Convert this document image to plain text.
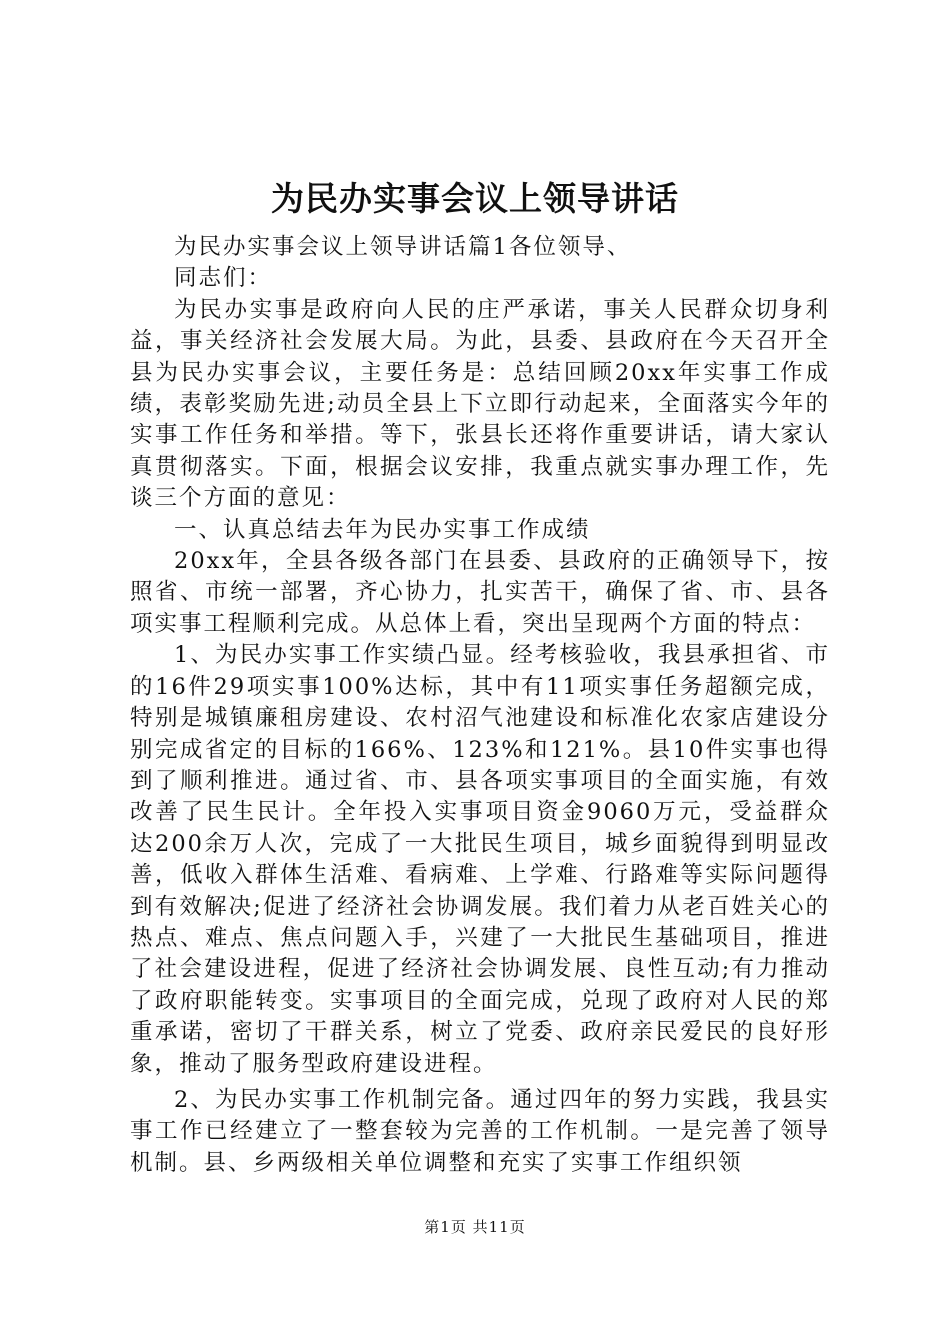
为民办实事会议上领导讲话

为民办实事会议上领导讲话篇1各位领导、

同志们：

为民办实事是政府向人民的庄严承诺，事关人民群众切身利益，事关经济社会发展大局。为此，县委、县政府在今天召开全县为民办实事会议，主要任务是：总结回顾20xx年实事工作成绩，表彰奖励先进;动员全县上下立即行动起来，全面落实今年的实事工作任务和举措。等下，张县长还将作重要讲话，请大家认真贯彻落实。下面，根据会议安排，我重点就实事办理工作，先谈三个方面的意见：

一、认真总结去年为民办实事工作成绩

20xx年，全县各级各部门在县委、县政府的正确领导下，按照省、市统一部署，齐心协力，扎实苦干，确保了省、市、县各项实事工程顺利完成。从总体上看，突出呈现两个方面的特点：

1、为民办实事工作实绩凸显。经考核验收，我县承担省、市的16件29项实事100%达标，其中有11项实事任务超额完成，特别是城镇廉租房建设、农村沼气池建设和标准化农家店建设分别完成省定的目标的166%、123%和121%。县10件实事也得到了顺利推进。通过省、市、县各项实事项目的全面实施，有效改善了民生民计。全年投入实事项目资金9060万元，受益群众达200余万人次，完成了一大批民生项目，城乡面貌得到明显改善，低收入群体生活难、看病难、上学难、行路难等实际问题得到有效解决;促进了经济社会协调发展。我们着力从老百姓关心的热点、难点、焦点问题入手，兴建了一大批民生基础项目，推进了社会建设进程，促进了经济社会协调发展、良性互动;有力推动了政府职能转变。实事项目的全面完成，兑现了政府对人民的郑重承诺，密切了干群关系，树立了党委、政府亲民爱民的良好形象，推动了服务型政府建设进程。

2、为民办实事工作机制完备。通过四年的努力实践，我县实事工作已经建立了一整套较为完善的工作机制。一是完善了领导机制。县、乡两级相关单位调整和充实了实事工作组织领

第1页 共11页
